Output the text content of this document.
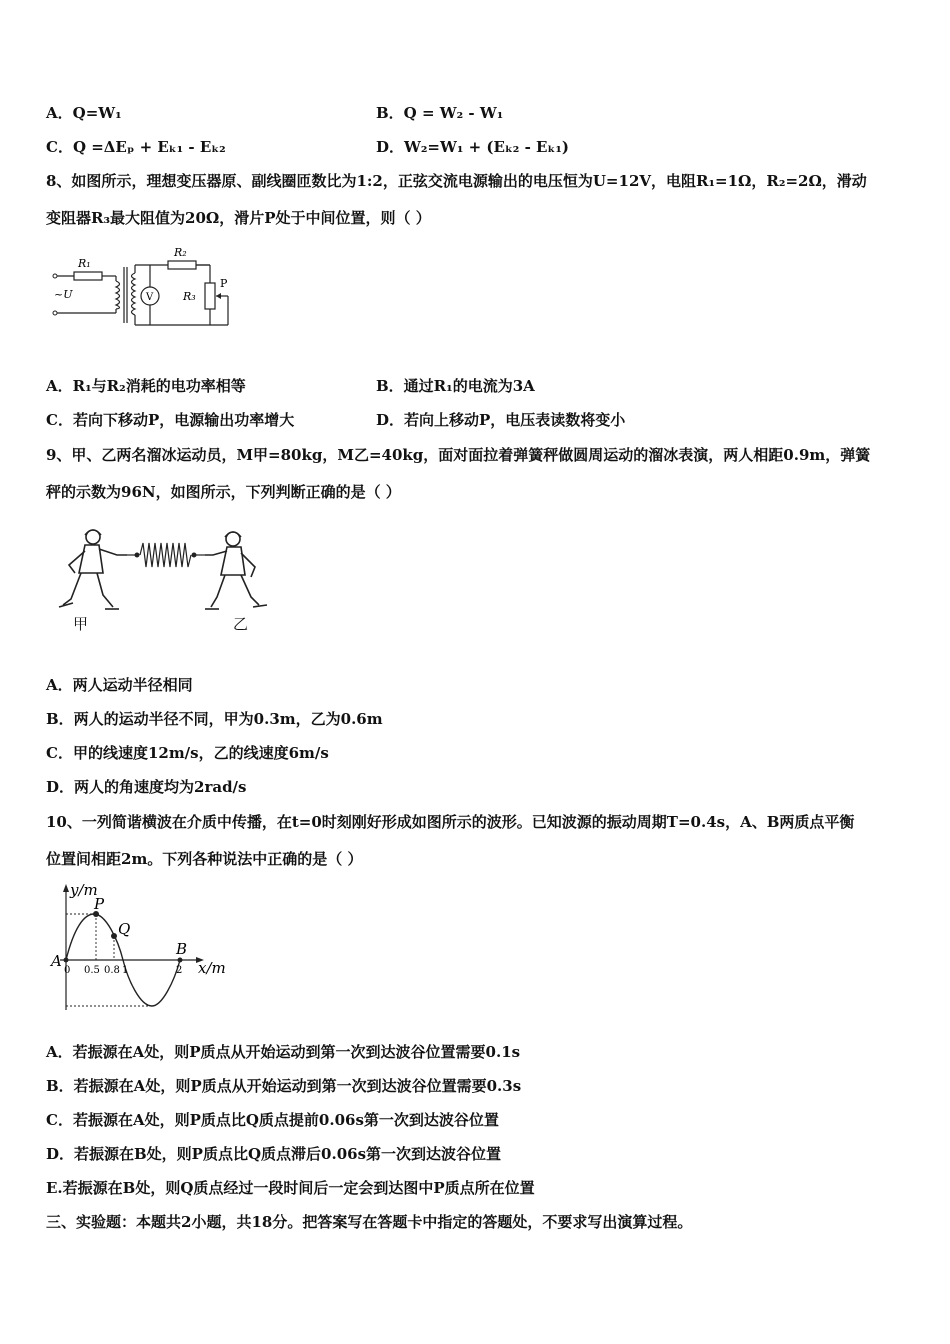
A．Q=W₁	B．Q = W₂ - W₁
C．Q =ΔEₚ + Eₖ₁ - Eₖ₂	D．W₂=W₁ + (Eₖ₂ - Eₖ₁)
8、如图所示，理想变压器原、副线圈匝数比为1:2，正弦交流电源输出的电压恒为U=12V，电阻R₁=1Ω，R₂=2Ω，滑动
变阻器R₃最大阻值为20Ω，滑片P处于中间位置，则（ ）
R₁
~U	V
R₂
R₃
P
A．R₁与R₂消耗的电功率相等	B．通过R₁的电流为3A
C．若向下移动P，电源输出功率增大	D．若向上移动P，电压表读数将变小
9、甲、乙两名溜冰运动员，M甲=80kg，M乙=40kg，面对面拉着弹簧秤做圆周运动的溜冰表演，两人相距0.9m，弹簧
秤的示数为96N，如图所示，下列判断正确的是（ ）
甲	乙
A．两人运动半径相同
B．两人的运动半径不同，甲为0.3m，乙为0.6m
C．甲的线速度12m/s，乙的线速度6m/s
D．两人的角速度均为2rad/s
10、一列简谐横波在介质中传播，在t=0时刻刚好形成如图所示的波形。已知波源的振动周期T=0.4s，A、B两质点平衡
位置间相距2m。下列各种说法中正确的是（ ）
y/m
x/m
P
Q
A
B
0 0.5 0.8 1	2
A．若振源在A处，则P质点从开始运动到第一次到达波谷位置需要0.1s
B．若振源在A处，则P质点从开始运动到第一次到达波谷位置需要0.3s
C．若振源在A处，则P质点比Q质点提前0.06s第一次到达波谷位置
D．若振源在B处，则P质点比Q质点滞后0.06s第一次到达波谷位置
E.若振源在B处，则Q质点经过一段时间后一定会到达图中P质点所在位置
三、实验题：本题共2小题，共18分。把答案写在答题卡中指定的答题处，不要求写出演算过程。
